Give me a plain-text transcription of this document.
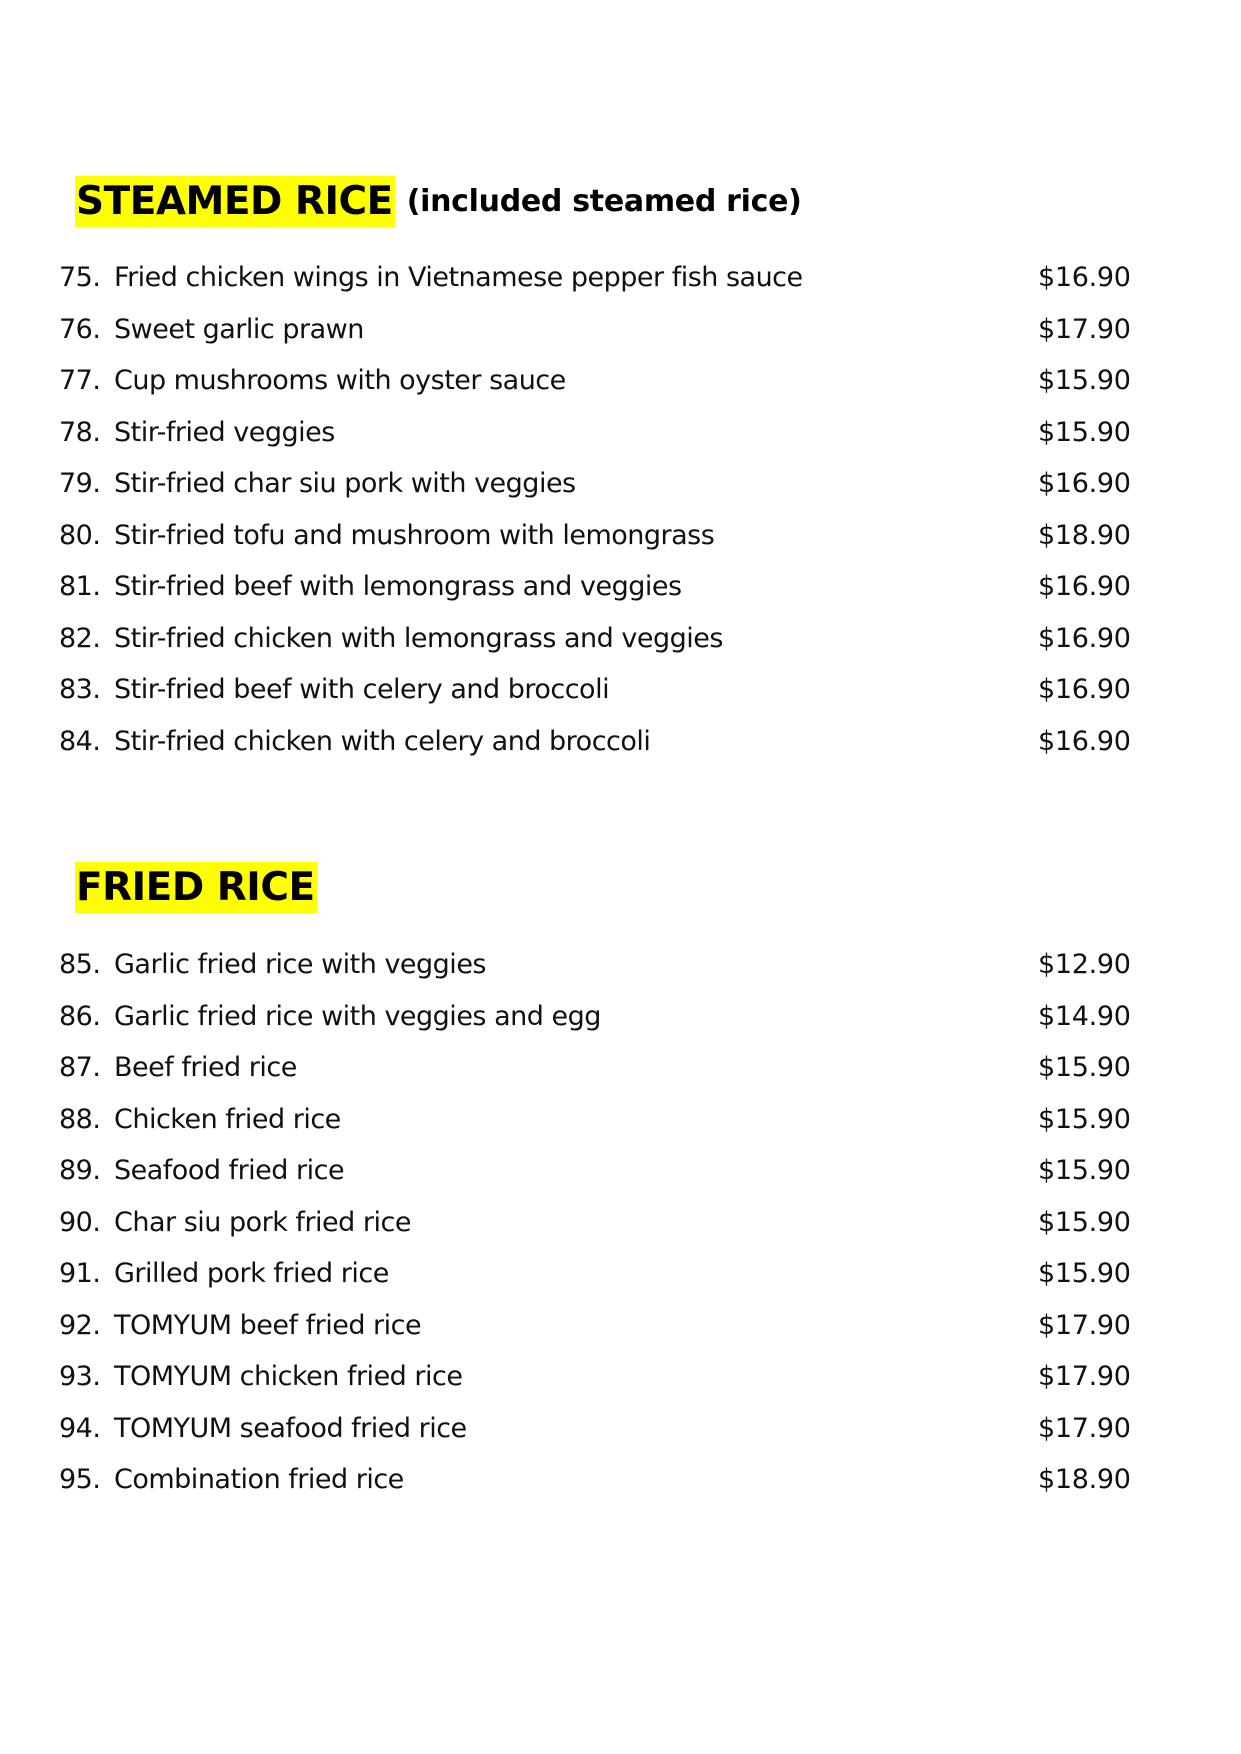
STEAMED RICE (included steamed rice)
75. Fried chicken wings in Vietnamese pepper fish sauce	$16.90
76. Sweet garlic prawn	$17.90
77. Cup mushrooms with oyster sauce	$15.90
78. Stir-fried veggies	$15.90
79. Stir-fried char siu pork with veggies	$16.90
80. Stir-fried tofu and mushroom with lemongrass	$18.90
81. Stir-fried beef with lemongrass and veggies	$16.90
82. Stir-fried chicken with lemongrass and veggies	$16.90
83. Stir-fried beef with celery and broccoli	$16.90
84. Stir-fried chicken with celery and broccoli	$16.90
FRIED RICE
85. Garlic fried rice with veggies	$12.90
86. Garlic fried rice with veggies and egg	$14.90
87. Beef fried rice	$15.90
88. Chicken fried rice	$15.90
89. Seafood fried rice	$15.90
90. Char siu pork fried rice	$15.90
91. Grilled pork fried rice	$15.90
92. TOMYUM beef fried rice	$17.90
93. TOMYUM chicken fried rice	$17.90
94. TOMYUM seafood fried rice	$17.90
95. Combination fried rice	$18.90
